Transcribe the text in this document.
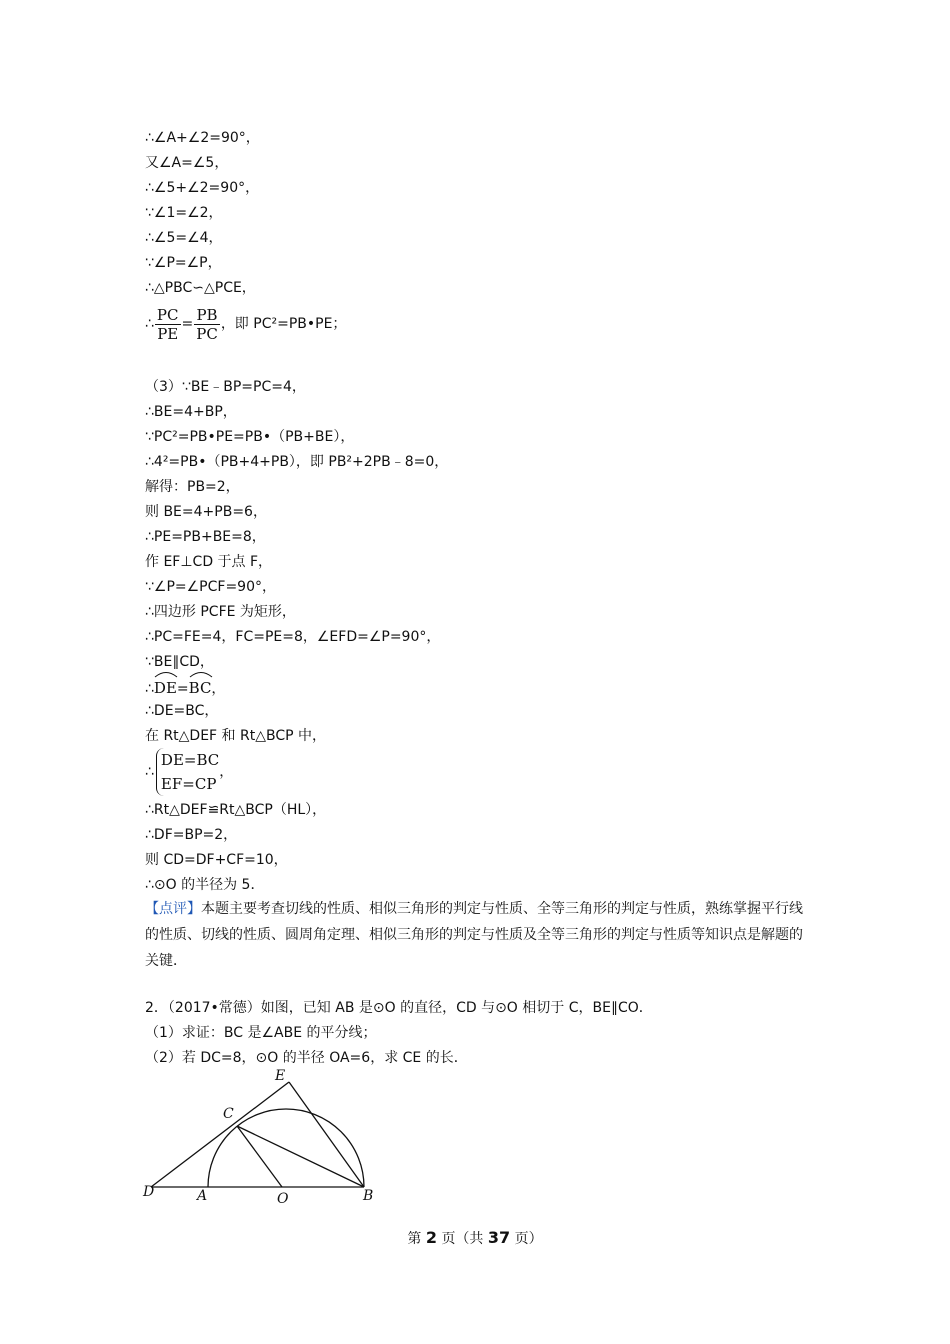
∴∠A+∠2=90°，
又∠A=∠5，
∴∠5+∠2=90°，
∵∠1=∠2，
∴∠5=∠4，
∵∠P=∠P，
∴△PBC∽△PCE，
∴ $\frac{PC}{PE} = \frac{PB}{PC}$ ，即 PC²=PB•PE；
（3）∵BE﹣BP=PC=4，
∴BE=4+BP，
∵PC²=PB•PE=PB•（PB+BE），
∴4²=PB•（PB+4+PB），即 PB²+2PB﹣8=0，
解得：PB=2，
则 BE=4+PB=6，
∴PE=PB+BE=8，
作 EF⊥CD 于点 F，
∵∠P=∠PCF=90°，
∴四边形 PCFE 为矩形，
∴PC=FE=4，FC=PE=8，∠EFD=∠P=90°，
∵BE∥CD，
∴
DE=
BC，
∴DE=BC，
在 Rt△DEF 和 Rt△BCP 中，
∴
DE=BC
EF=CP
，
∴Rt△DEF≌Rt△BCP（HL），
∴DF=BP=2，
则 CD=DF+CF=10，
∴⊙O 的半径为 5．
【点评】本题主要考查切线的性质、相似三角形的判定与性质、全等三角形的判定与性质，熟练掌握平行线的性质、切线的性质、圆周角定理、相似三角形的判定与性质及全等三角形的判定与性质等知识点是解题的关键．
2．（2017•常德）如图，已知 AB 是⊙O 的直径，CD 与⊙O 相切于 C，BE∥CO．
（1）求证：BC 是∠ABE 的平分线；
（2）若 DC=8，⊙O 的半径 OA=6，求 CE 的长．
E
C
D	A	O	B
第 2 页（共 37 页）
